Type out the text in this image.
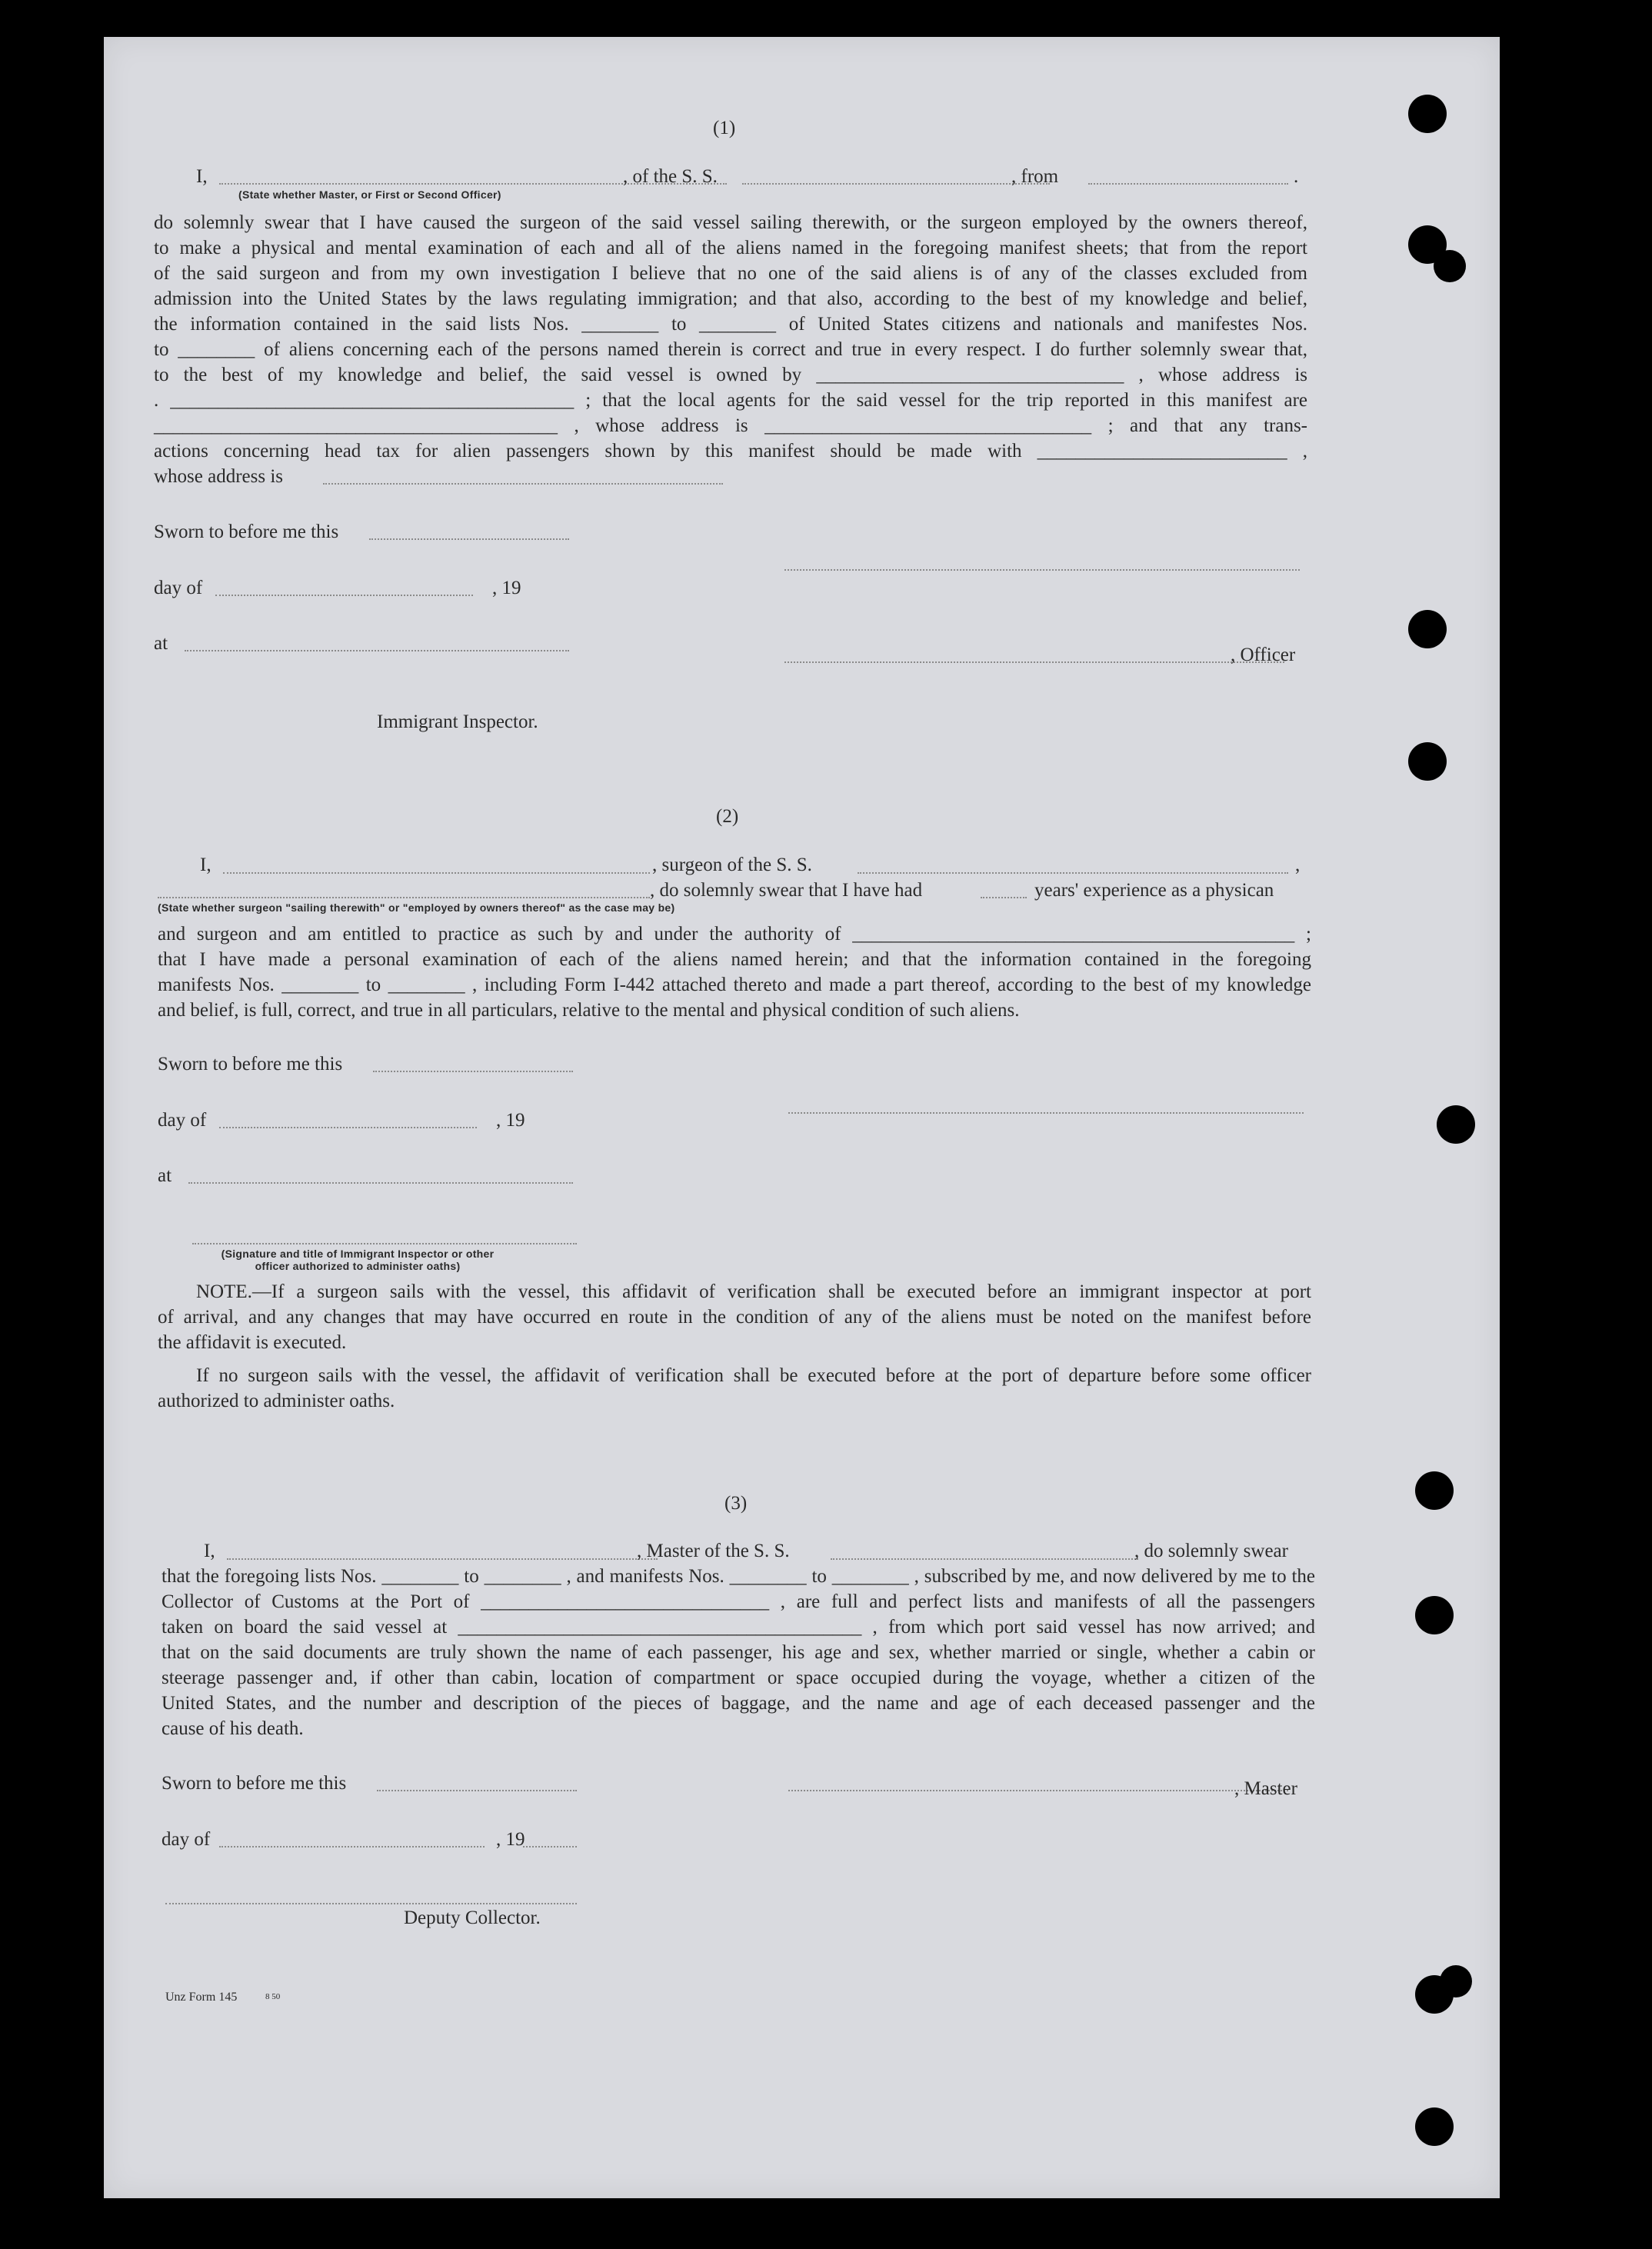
(1)
I,	, of the S. S.	, from	.
(State whether Master, or First or Second Officer)
do solemnly swear that I have caused the surgeon of the said vessel sailing therewith, or the surgeon employed by the owners thereof,
to make a physical and mental examination of each and all of the aliens named in the foregoing manifest sheets; that from the report
of the said surgeon and from my own investigation I believe that no one of the said aliens is of any of the classes excluded from
admission into the United States by the laws regulating immigration; and that also, according to the best of my knowledge and belief,
the information contained in the said lists Nos. ________ to ________ of United States citizens and nationals and manifestes Nos.
to ________ of aliens concerning each of the persons named therein is correct and true in every respect. I do further solemnly swear that,
to the best of my knowledge and belief, the said vessel is owned by ________________________________ , whose address is
. __________________________________________ ; that the local agents for the said vessel for the trip reported in this manifest are
__________________________________________ , whose address is __________________________________ ; and that any trans-
actions concerning head tax for alien passengers shown by this manifest should be made with __________________________ ,
whose address is
Sworn to before me this
day of	, 19
at
, Officer
Immigrant Inspector.
(2)
I,	, surgeon of the S. S.	,
, do solemnly swear that I have had	years' experience as a physican
(State whether surgeon "sailing therewith" or "employed by owners thereof" as the case may be)
and surgeon and am entitled to practice as such by and under the authority of ______________________________________________ ;
that I have made a personal examination of each of the aliens named herein; and that the information contained in the foregoing
manifests Nos. ________ to ________ , including Form I-442 attached thereto and made a part thereof, according to the best of my knowledge
and belief, is full, correct, and true in all particulars, relative to the mental and physical condition of such aliens.
Sworn to before me this
day of	, 19
at
(Signature and title of Immigrant Inspector or other
officer authorized to administer oaths)
NOTE.—If a surgeon sails with the vessel, this affidavit of verification shall be executed before an immigrant inspector at port
of arrival, and any changes that may have occurred en route in the condition of any of the aliens must be noted on the manifest before
the affidavit is executed.
If no surgeon sails with the vessel, the affidavit of verification shall be executed before at the port of departure before some officer
authorized to administer oaths.
(3)
I,	, Master of the S. S.	, do solemnly swear
that the foregoing lists Nos. ________ to ________ , and manifests Nos. ________ to ________ , subscribed by me, and now delivered by me to the
Collector of Customs at the Port of ______________________________ , are full and perfect lists and manifests of all the passengers
taken on board the said vessel at __________________________________________ , from which port said vessel has now arrived; and
that on the said documents are truly shown the name of each passenger, his age and sex, whether married or single, whether a cabin or
steerage passenger and, if other than cabin, location of compartment or space occupied during the voyage, whether a citizen of the
United States, and the number and description of the pieces of baggage, and the name and age of each deceased passenger and the
cause of his death.
Sworn to before me this	, Master
day of	, 19
Deputy Collector.
Unz Form 145	8 50
